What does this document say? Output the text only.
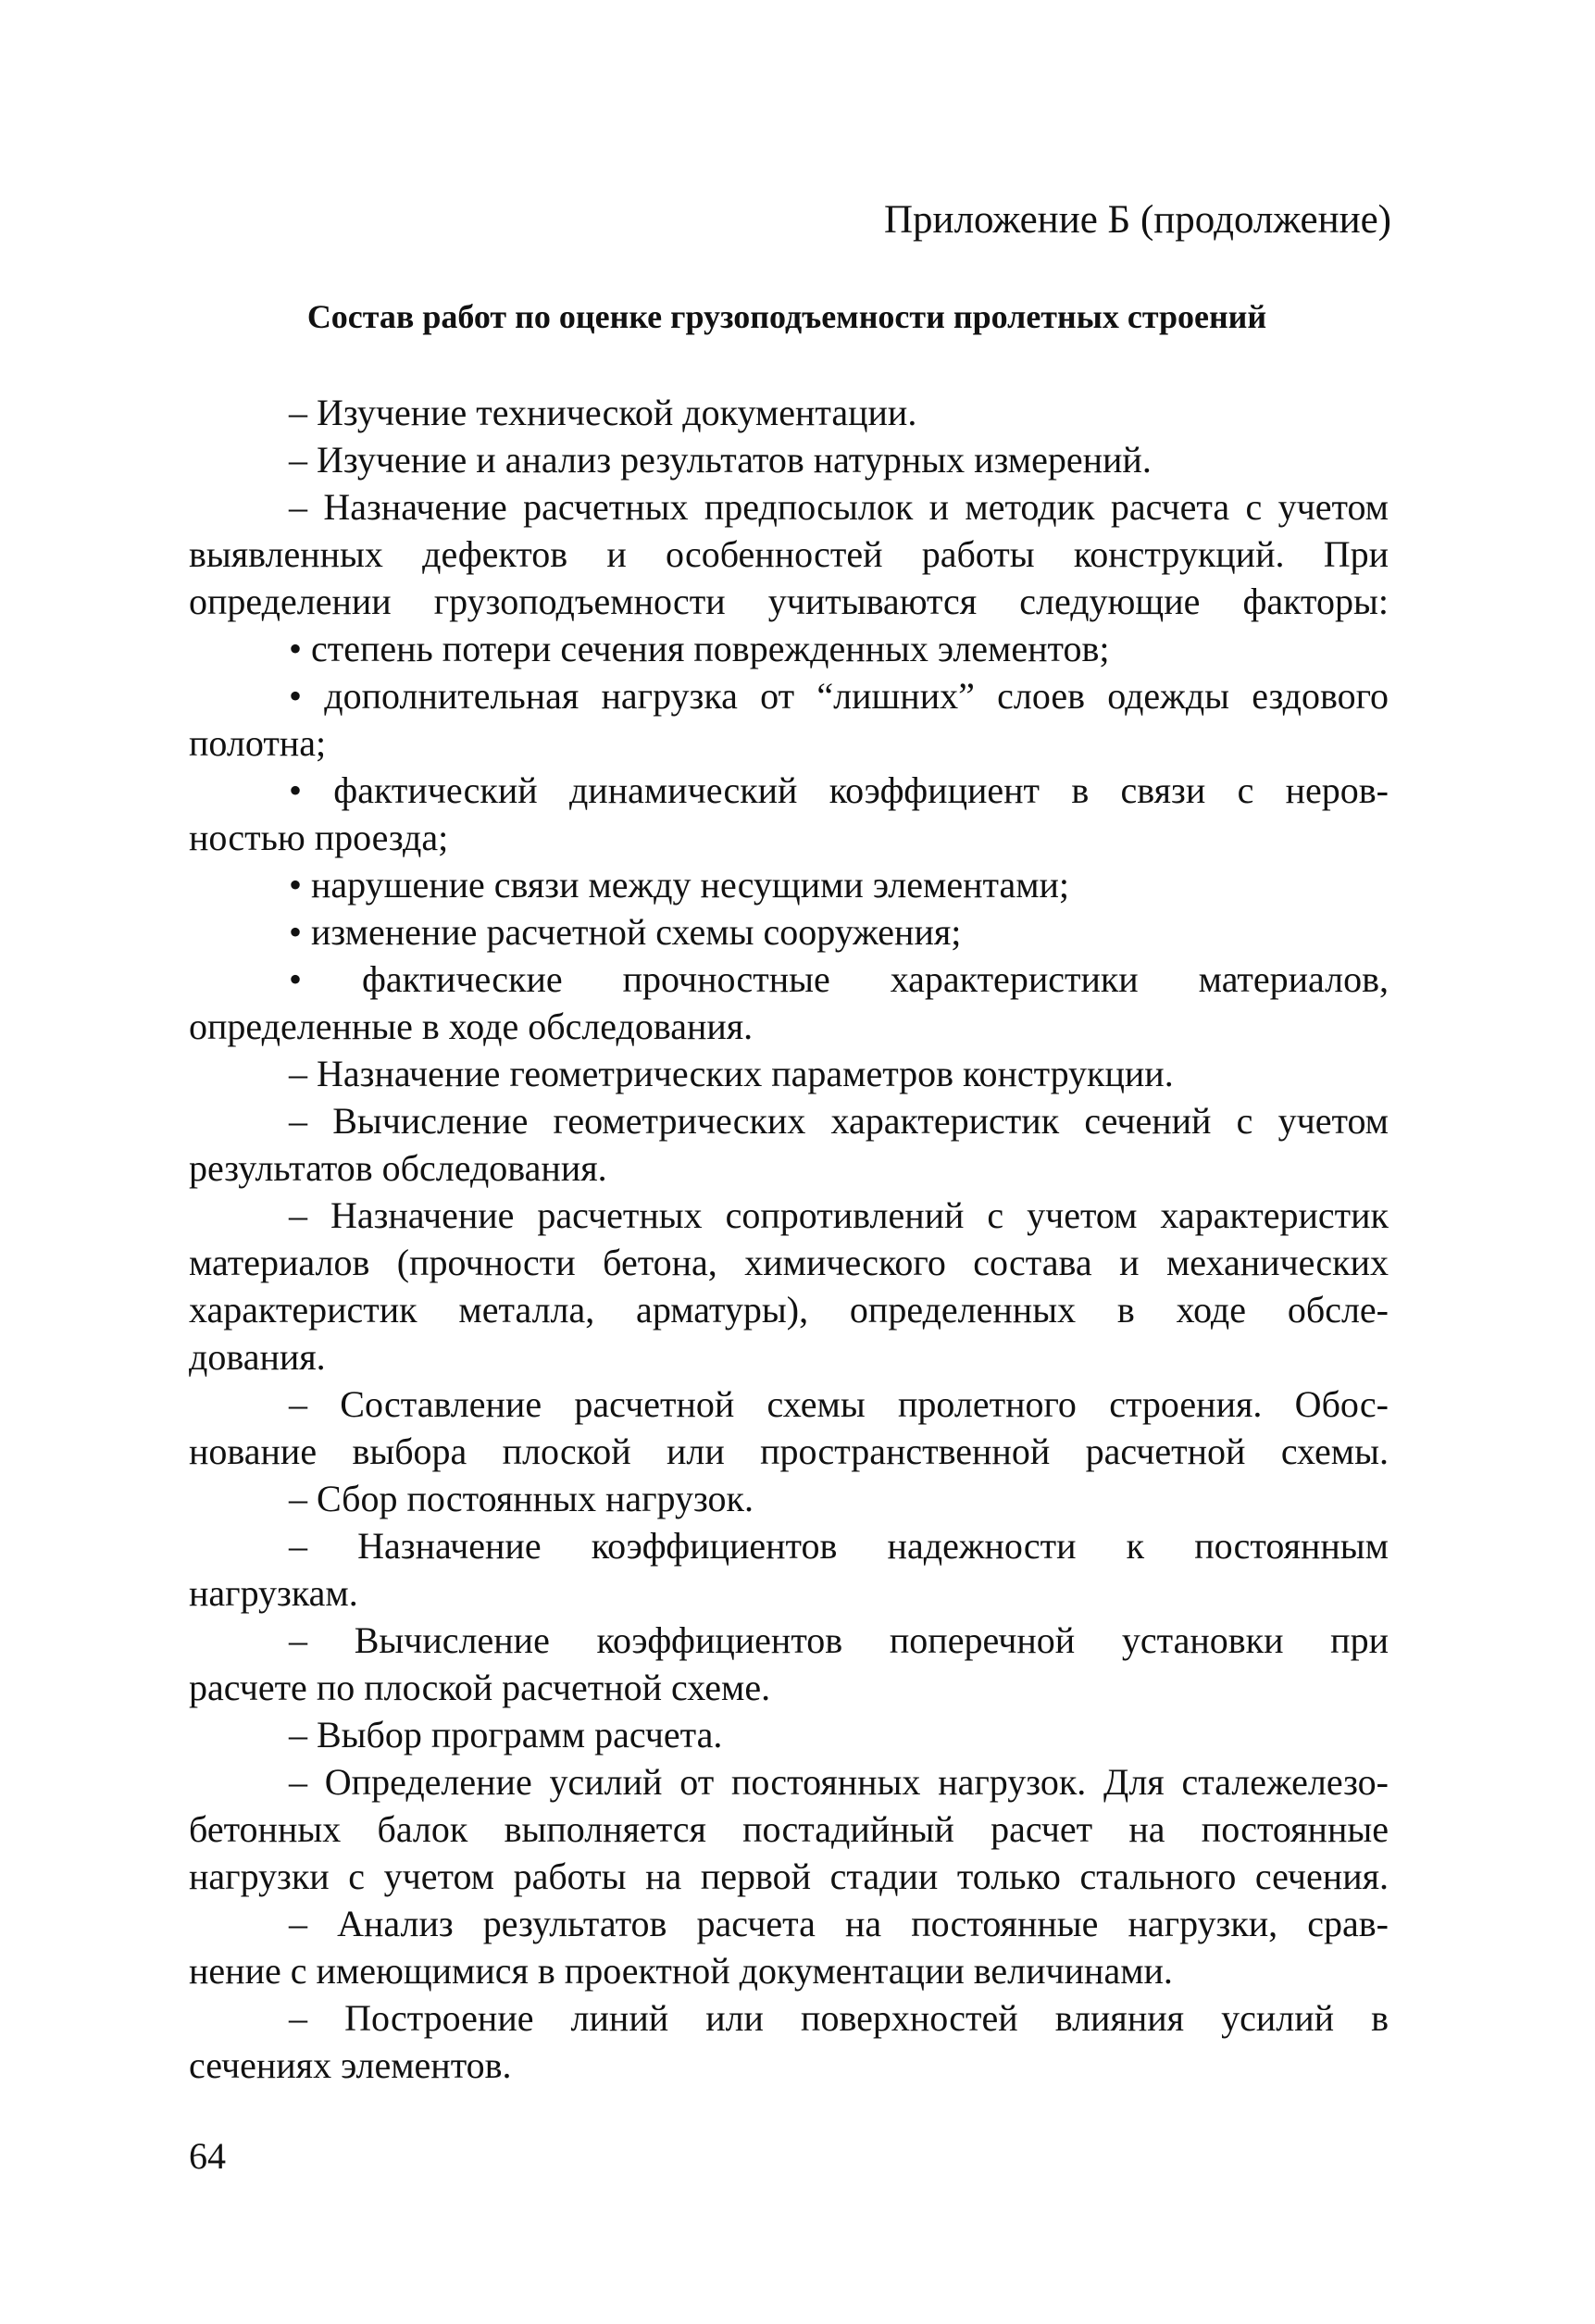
Приложение Б (продолжение)
Состав работ по оценке грузоподъемности пролетных строений
– Изучение технической документации.
– Изучение и анализ результатов натурных измерений.
– Назначение расчетных предпосылок и методик расчета с учетом
выявленных дефектов и особенностей работы конструкций. При
определении грузоподъемности учитываются следующие факторы:
• степень потери сечения поврежденных элементов;
• дополнительная нагрузка от “лишних” слоев одежды ездового
полотна;
• фактический динамический коэффициент в связи с неров-
ностью проезда;
• нарушение связи между несущими элементами;
• изменение расчетной схемы сооружения;
• фактические прочностные характеристики материалов,
определенные в ходе обследования.
– Назначение геометрических параметров конструкции.
– Вычисление геометрических характеристик сечений с учетом
результатов обследования.
– Назначение расчетных сопротивлений с учетом характеристик
материалов (прочности бетона, химического состава и механических
характеристик металла, арматуры), определенных в ходе обсле-
дования.
– Составление расчетной схемы пролетного строения. Обос-
нование выбора плоской или пространственной расчетной схемы.
– Сбор постоянных нагрузок.
– Назначение коэффициентов надежности к постоянным
нагрузкам.
– Вычисление коэффициентов поперечной установки при
расчете по плоской расчетной схеме.
– Выбор программ расчета.
– Определение усилий от постоянных нагрузок. Для сталежелезо-
бетонных балок выполняется постадийный расчет на постоянные
нагрузки с учетом работы на первой стадии только стального сечения.
– Анализ результатов расчета на постоянные нагрузки, срав-
нение с имеющимися в проектной документации величинами.
– Построение линий или поверхностей влияния усилий в
сечениях элементов.
64
